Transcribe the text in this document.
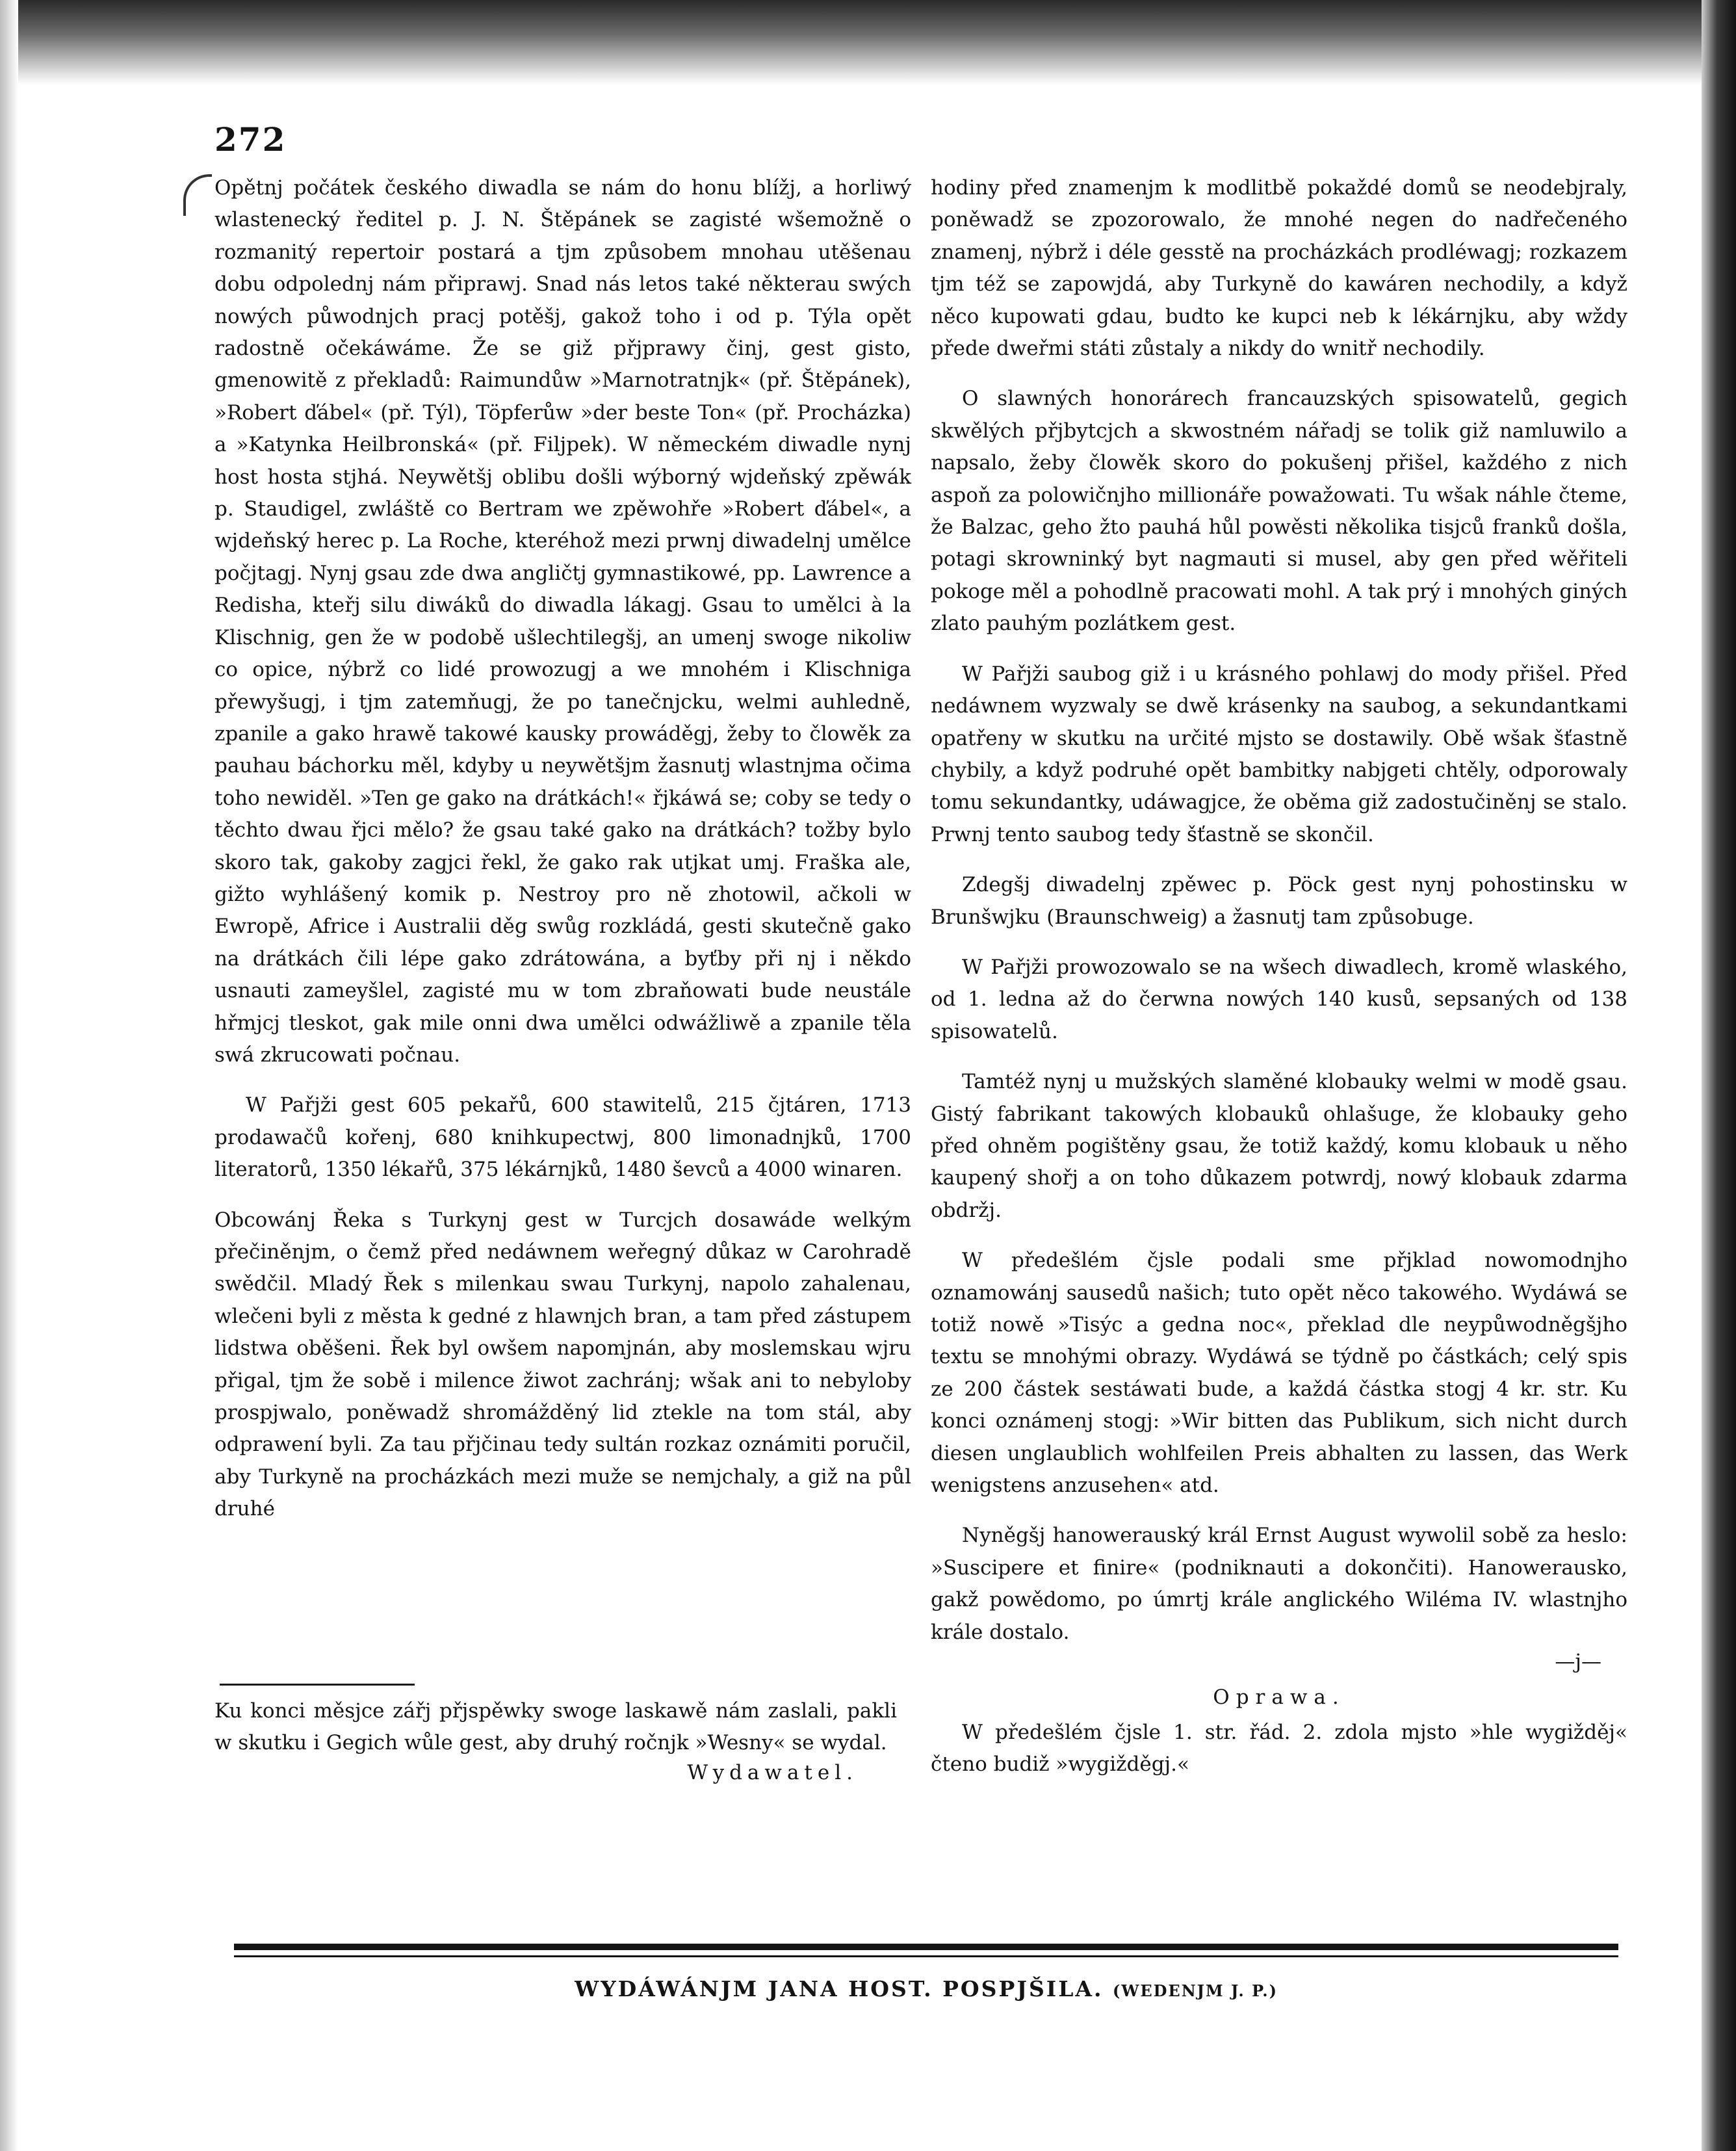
272

Opětnj počátek českého diwadla se nám do honu blížj, a horliwý wlastenecký ředitel p. J. N. Štěpánek se zagisté wšemožně o rozmanitý repertoir postará a tjm způsobem mnohau utěšenau dobu odpolednj nám připrawj. Snad nás letos také některau swých nowých půwodnjch pracj potěšj, gakož toho i od p. Týla opět radostně očekáwáme. Že se giž přjprawy činj, gest gisto, gmenowitě z překladů: Raimundůw »Marnotratnjk« (př. Štěpánek), »Robert ďábel« (př. Týl), Töpferůw »der beste Ton« (př. Procházka) a »Katynka Heilbronská« (př. Filjpek). W německém diwadle nynj host hosta stjhá. Neywětšj oblibu došli wýborný wjdeňský zpěwák p. Staudigel, zwláště co Bertram we zpěwohře »Robert ďábel«, a wjdeňský herec p. La Roche, kteréhož mezi prwnj diwadelnj umělce počjtagj. Nynj gsau zde dwa angličtj gymnastikowé, pp. Lawrence a Redisha, kteřj silu diwáků do diwadla lákagj. Gsau to umělci à la Klischnig, gen že w podobě ušlechtilegšj, an umenj swoge nikoliw co opice, nýbrž co lidé prowozugj a we mnohém i Klischniga přewyšugj, i tjm zatemňugj, že po tanečnjcku, welmi auhledně, zpanile a gako hrawě takowé kausky prowáděgj, žeby to člowěk za pauhau báchorku měl, kdyby u neywětšjm žasnutj wlastnjma očima toho newiděl. »Ten ge gako na drátkách!« řjkáwá se; coby se tedy o těchto dwau řjci mělo? že gsau také gako na drátkách? tožby bylo skoro tak, gakoby zagjci řekl, že gako rak utjkat umj. Fraška ale, gižto wyhlášený komik p. Nestroy pro ně zhotowil, ačkoli w Ewropě, Africe i Australii děg swůg rozkládá, gesti skutečně gako na drátkách čili lépe gako zdrátowána, a byťby při nj i někdo usnauti zameyšlel, zagisté mu w tom zbraňowati bude neustále hřmjcj tleskot, gak mile onni dwa umělci odwážliwě a zpanile těla swá zkrucowati počnau.

W Pařjži gest 605 pekařů, 600 stawitelů, 215 čjtáren, 1713 prodawačů kořenj, 680 knihkupectwj, 800 limonadnjků, 1700 literatorů, 1350 lékařů, 375 lékárnjků, 1480 ševců a 4000 winaren.

Obcowánj Řeka s Turkynj gest w Turcjch dosawáde welkým přečiněnjm, o čemž před nedáwnem weřegný důkaz w Carohradě swědčil. Mladý Řek s milenkau swau Turkynj, napolo zahalenau, wlečeni byli z města k gedné z hlawnjch bran, a tam před zástupem lidstwa oběšeni. Řek byl owšem napomjnán, aby moslemskau wjru přigal, tjm že sobě i milence žiwot zachránj; wšak ani to nebyloby prospjwalo, poněwadž shromážděný lid ztekle na tom stál, aby odprawení byli. Za tau přjčinau tedy sultán rozkaz oznámiti poručil, aby Turkyně na procházkách mezi muže se nemjchaly, a giž na půl druhé

hodiny před znamenjm k modlitbě pokaždé domů se neodebjraly, poněwadž se zpozorowalo, že mnohé negen do nadřečeného znamenj, nýbrž i déle gesstě na procházkách prodléwagj; rozkazem tjm též se zapowjdá, aby Turkyně do kawáren nechodily, a když něco kupowati gdau, budto ke kupci neb k lékárnjku, aby wždy přede dweřmi státi zůstaly a nikdy do wnitř nechodily.

O slawných honorárech francauzských spisowatelů, gegich skwělých přjbytcjch a skwostném nářadj se tolik giž namluwilo a napsalo, žeby člowěk skoro do pokušenj přišel, každého z nich aspoň za polowičnjho millionáře powažowati. Tu wšak náhle čteme, že Balzac, geho žto pauhá hůl powěsti několika tisjců franků došla, potagi skrowninký byt nagmauti si musel, aby gen před wěřiteli pokoge měl a pohodlně pracowati mohl. A tak prý i mnohých giných zlato pauhým pozlátkem gest.

W Pařjži saubog giž i u krásného pohlawj do mody přišel. Před nedáwnem wyzwaly se dwě krásenky na saubog, a sekundantkami opatřeny w skutku na určité mjsto se dostawily. Obě wšak šťastně chybily, a když podruhé opět bambitky nabjgeti chtěly, odporowaly tomu sekundantky, udáwagjce, že oběma giž zadostučiněnj se stalo. Prwnj tento saubog tedy šťastně se skončil.

Zdegšj diwadelnj zpěwec p. Pöck gest nynj pohostinsku w Brunšwjku (Braunschweig) a žasnutj tam způsobuge.

W Pařjži prowozowalo se na wšech diwadlech, kromě wlaského, od 1. ledna až do čerwna nowých 140 kusů, sepsaných od 138 spisowatelů.

Tamtéž nynj u mužských slaměné klobauky welmi w modě gsau. Gistý fabrikant takowých klobauků ohlašuge, že klobauky geho před ohněm pogištěny gsau, že totiž každý, komu klobauk u něho kaupený shořj a on toho důkazem potwrdj, nowý klobauk zdarma obdržj.

W předešlém čjsle podali sme přjklad nowomodnjho oznamowánj sausedů našich; tuto opět něco takowého. Wydáwá se totiž nowě »Tisýc a gedna noc«, překlad dle neypůwodněgšjho textu se mnohými obrazy. Wydáwá se týdně po částkách; celý spis ze 200 částek sestáwati bude, a každá částka stogj 4 kr. str. Ku konci oznámenj stogj: »Wir bitten das Publikum, sich nicht durch diesen unglaublich wohlfeilen Preis abhalten zu lassen, das Werk wenigstens anzusehen« atd.

Nyněgšj hanowerauský král Ernst August wywolil sobě za heslo: »Suscipere et finire« (podniknauti a dokončiti). Hanowerausko, gakž powědomo, po úmrtj krále anglického Wiléma IV. wlastnjho krále dostalo.

—j—
Oprawa.

W předešlém čjsle 1. str. řád. 2. zdola mjsto »hle wygižděj« čteno budiž »wygižděgj.«

Ku konci měsjce zářj přjspěwky swoge laskawě nám zaslali, pakli w skutku i Gegich wůle gest, aby druhý ročnjk »Wesny« se wydal.

Wydawatel.
WYDÁWÁNJM JANA HOST. POSPJŠILA. (WEDENJM J. P.)
